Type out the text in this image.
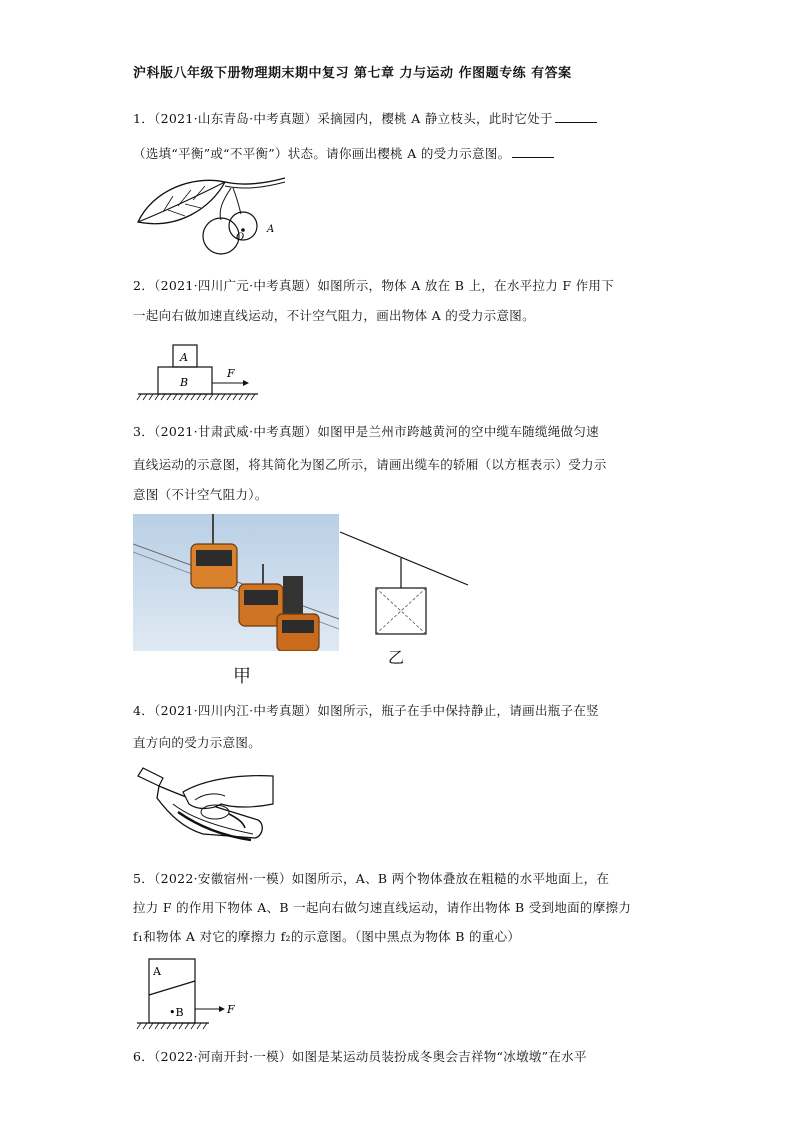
沪科版八年级下册物理期末期中复习 第七章 力与运动 作图题专练 有答案
1．（2021·山东青岛·中考真题）采摘园内，樱桃 A 静立枝头，此时它处于
（选填“平衡”或“不平衡”）状态。请你画出樱桃 A 的受力示意图。
O
A
2．（2021·四川广元·中考真题）如图所示，物体 A 放在 B 上，在水平拉力 F 作用下
一起向右做加速直线运动，不计空气阻力，画出物体 A 的受力示意图。
A
B
F
3．（2021·甘肃武威·中考真题）如图甲是兰州市跨越黄河的空中缆车随缆绳做匀速
直线运动的示意图，将其简化为图乙所示，请画出缆车的轿厢（以方框表示）受力示
意图（不计空气阻力）。
甲
乙
4．（2021·四川内江·中考真题）如图所示，瓶子在手中保持静止，请画出瓶子在竖
直方向的受力示意图。
5．（2022·安徽宿州·一模）如图所示，A、B 两个物体叠放在粗糙的水平地面上，在
拉力 F 的作用下物体 A、B 一起向右做匀速直线运动，请作出物体 B 受到地面的摩擦力
f₁和物体 A 对它的摩擦力 f₂的示意图。（图中黑点为物体 B 的重心）
A
•B	F
6．（2022·河南开封·一模）如图是某运动员装扮成冬奥会吉祥物“冰墩墩”在水平
